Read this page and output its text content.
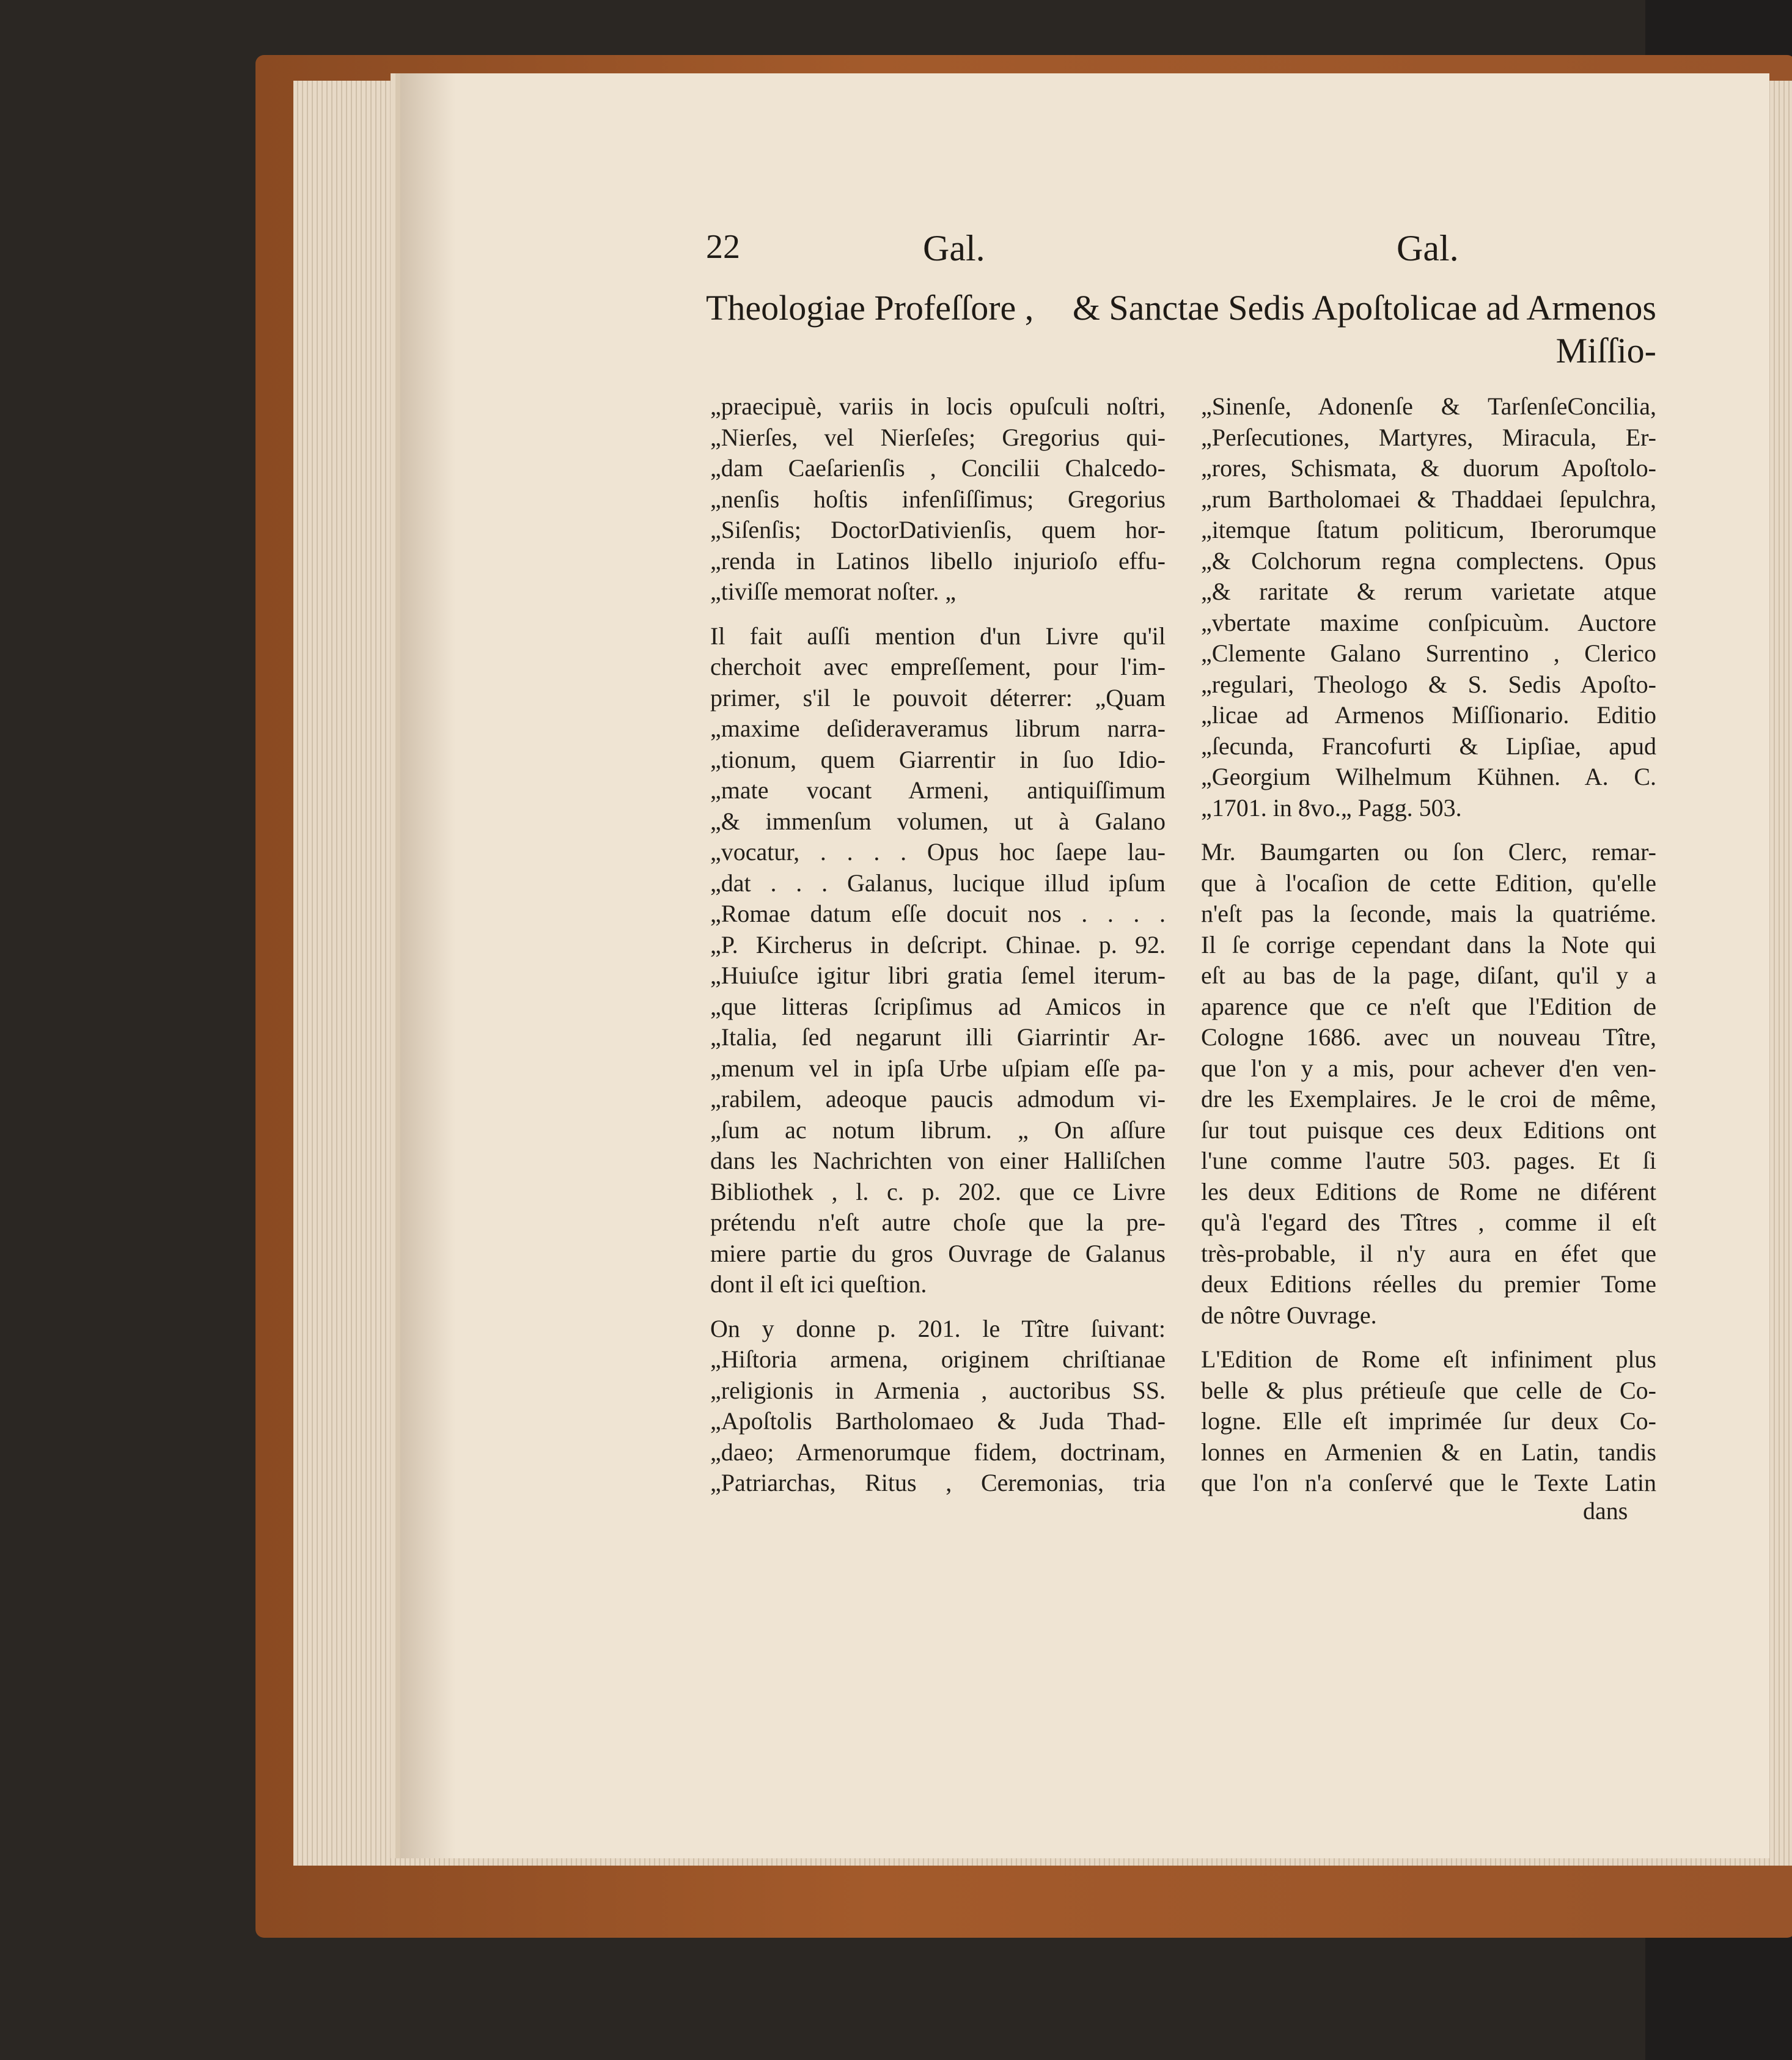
22	Gal.	Gal.
Theologiae Profeſſore , & Sanctae Sedis Apoſtolicae ad Armenos
Miſſio-

„praecipuè, variis in locis opuſculi noſtri,

„Nierſes, vel Nierſeſes; Gregorius qui-

„dam Caeſarienſis , Concilii Chalcedo-

„nenſis hoſtis infenſiſſimus; Gregorius

„Siſenſis; DoctorDativienſis, quem hor-

„renda in Latinos libello injurioſo effu-

„tiviſſe memorat noſter. „

Il fait auſſi mention d'un Livre qu'il

cherchoit avec empreſſement, pour l'im-

primer, s'il le pouvoit déterrer: „Quam

„maxime deſideraveramus librum narra-

„tionum, quem Giarrentir in ſuo Idio-

„mate vocant Armeni, antiquiſſimum

„& immenſum volumen, ut à Galano

„vocatur, . . . . Opus hoc ſaepe lau-

„dat . . . Galanus, lucique illud ipſum

„Romae datum eſſe docuit nos . . . .

„P. Kircherus in deſcript. Chinae. p. 92.

„Huiuſce igitur libri gratia ſemel iterum-

„que litteras ſcripſimus ad Amicos in

„Italia, ſed negarunt illi Giarrintir Ar-

„menum vel in ipſa Urbe uſpiam eſſe pa-

„rabilem, adeoque paucis admodum vi-

„ſum ac notum librum. „ On aſſure

dans les Nachrichten von einer Halliſchen

Bibliothek , l. c. p. 202. que ce Livre

prétendu n'eſt autre choſe que la pre-

miere partie du gros Ouvrage de Galanus

dont il eſt ici queſtion.

On y donne p. 201. le Tître ſuivant:

„Hiſtoria armena, originem chriſtianae

„religionis in Armenia , auctoribus SS.

„Apoſtolis Bartholomaeo & Juda Thad-

„daeo; Armenorumque fidem, doctrinam,

„Patriarchas, Ritus , Ceremonias, tria

„Sinenſe, Adonenſe & TarſenſeConcilia,

„Perſecutiones, Martyres, Miracula, Er-

„rores, Schismata, & duorum Apoſtolo-

„rum Bartholomaei & Thaddaei ſepulchra,

„itemque ſtatum politicum, Iberorumque

„& Colchorum regna complectens. Opus

„& raritate & rerum varietate atque

„vbertate maxime conſpicuùm. Auctore

„Clemente Galano Surrentino , Clerico

„regulari, Theologo & S. Sedis Apoſto-

„licae ad Armenos Miſſionario. Editio

„ſecunda, Francofurti & Lipſiae, apud

„Georgium Wilhelmum Kühnen. A. C.

„1701. in 8vo.„ Pagg. 503.

Mr. Baumgarten ou ſon Clerc, remar-

que à l'ocaſion de cette Edition, qu'elle

n'eſt pas la ſeconde, mais la quatriéme.

Il ſe corrige cependant dans la Note qui

eſt au bas de la page, diſant, qu'il y a

aparence que ce n'eſt que l'Edition de

Cologne 1686. avec un nouveau Tître,

que l'on y a mis, pour achever d'en ven-

dre les Exemplaires. Je le croi de même,

ſur tout puisque ces deux Editions ont

l'une comme l'autre 503. pages. Et ſi

les deux Editions de Rome ne diférent

qu'à l'egard des Tîtres , comme il eſt

très-probable, il n'y aura en éfet que

deux Editions réelles du premier Tome

de nôtre Ouvrage.

L'Edition de Rome eſt infiniment plus

belle & plus prétieuſe que celle de Co-

logne. Elle eſt imprimée ſur deux Co-

lonnes en Armenien & en Latin, tandis

que l'on n'a conſervé que le Texte Latin

dans
